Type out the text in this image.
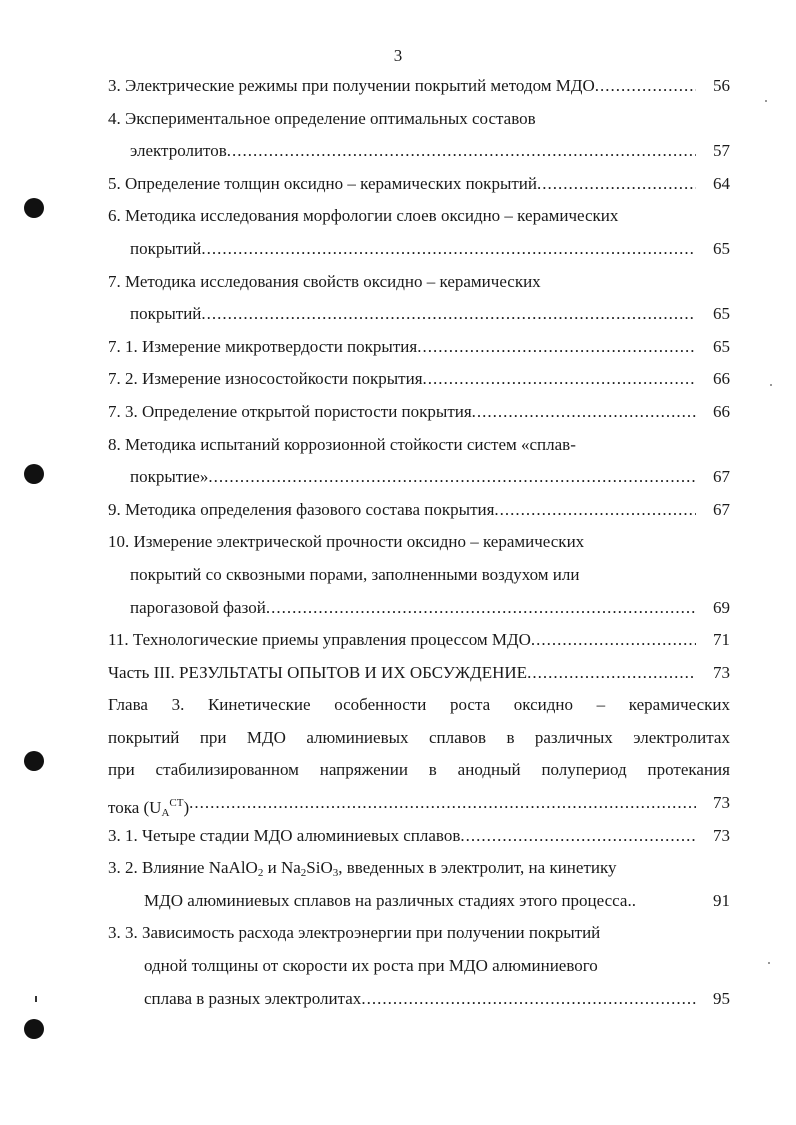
3
3. Электрические режимы при получении покрытий методом МДО .....	56
4. Экспериментальное определение оптимальных составов
электролитов .....	57
5. Определение толщин оксидно – керамических покрытий .....	64
6. Методика исследования морфологии слоев оксидно – керамических
покрытий .....	65
7. Методика исследования свойств оксидно – керамических
покрытий .....	65
7. 1. Измерение микротвердости покрытия .....	65
7. 2. Измерение износостойкости покрытия .....	66
7. 3. Определение открытой пористости покрытия .....	66
8. Методика испытаний коррозионной стойкости систем «сплав-
покрытие» .....	67
9. Методика определения фазового состава покрытия .....	67
10. Измерение электрической прочности оксидно – керамических
покрытий со сквозными порами, заполненными воздухом или
парогазовой фазой .....	69
11. Технологические приемы управления процессом МДО .....	71
Часть III. РЕЗУЛЬТАТЫ ОПЫТОВ И ИХ ОБСУЖДЕНИЕ .....	73
Глава 3. Кинетические особенности роста оксидно – керамических
покрытий при МДО алюминиевых сплавов в различных электролитах
при стабилизированном напряжении в анодный полупериод протекания
тока $(U_A^{CT})$ .....	73
3. 1. Четыре стадии МДО алюминиевых сплавов .....	73
3. 2. Влияние NaAlO$_2$ и $Na_2SiO_3$, введенных в электролит, на кинетику
МДО алюминиевых сплавов на различных стадиях этого процесса..	91
3. 3. Зависимость расхода электроэнергии при получении покрытий
одной толщины от скорости их роста при МДО алюминиевого
сплава в разных электролитах .....	95
